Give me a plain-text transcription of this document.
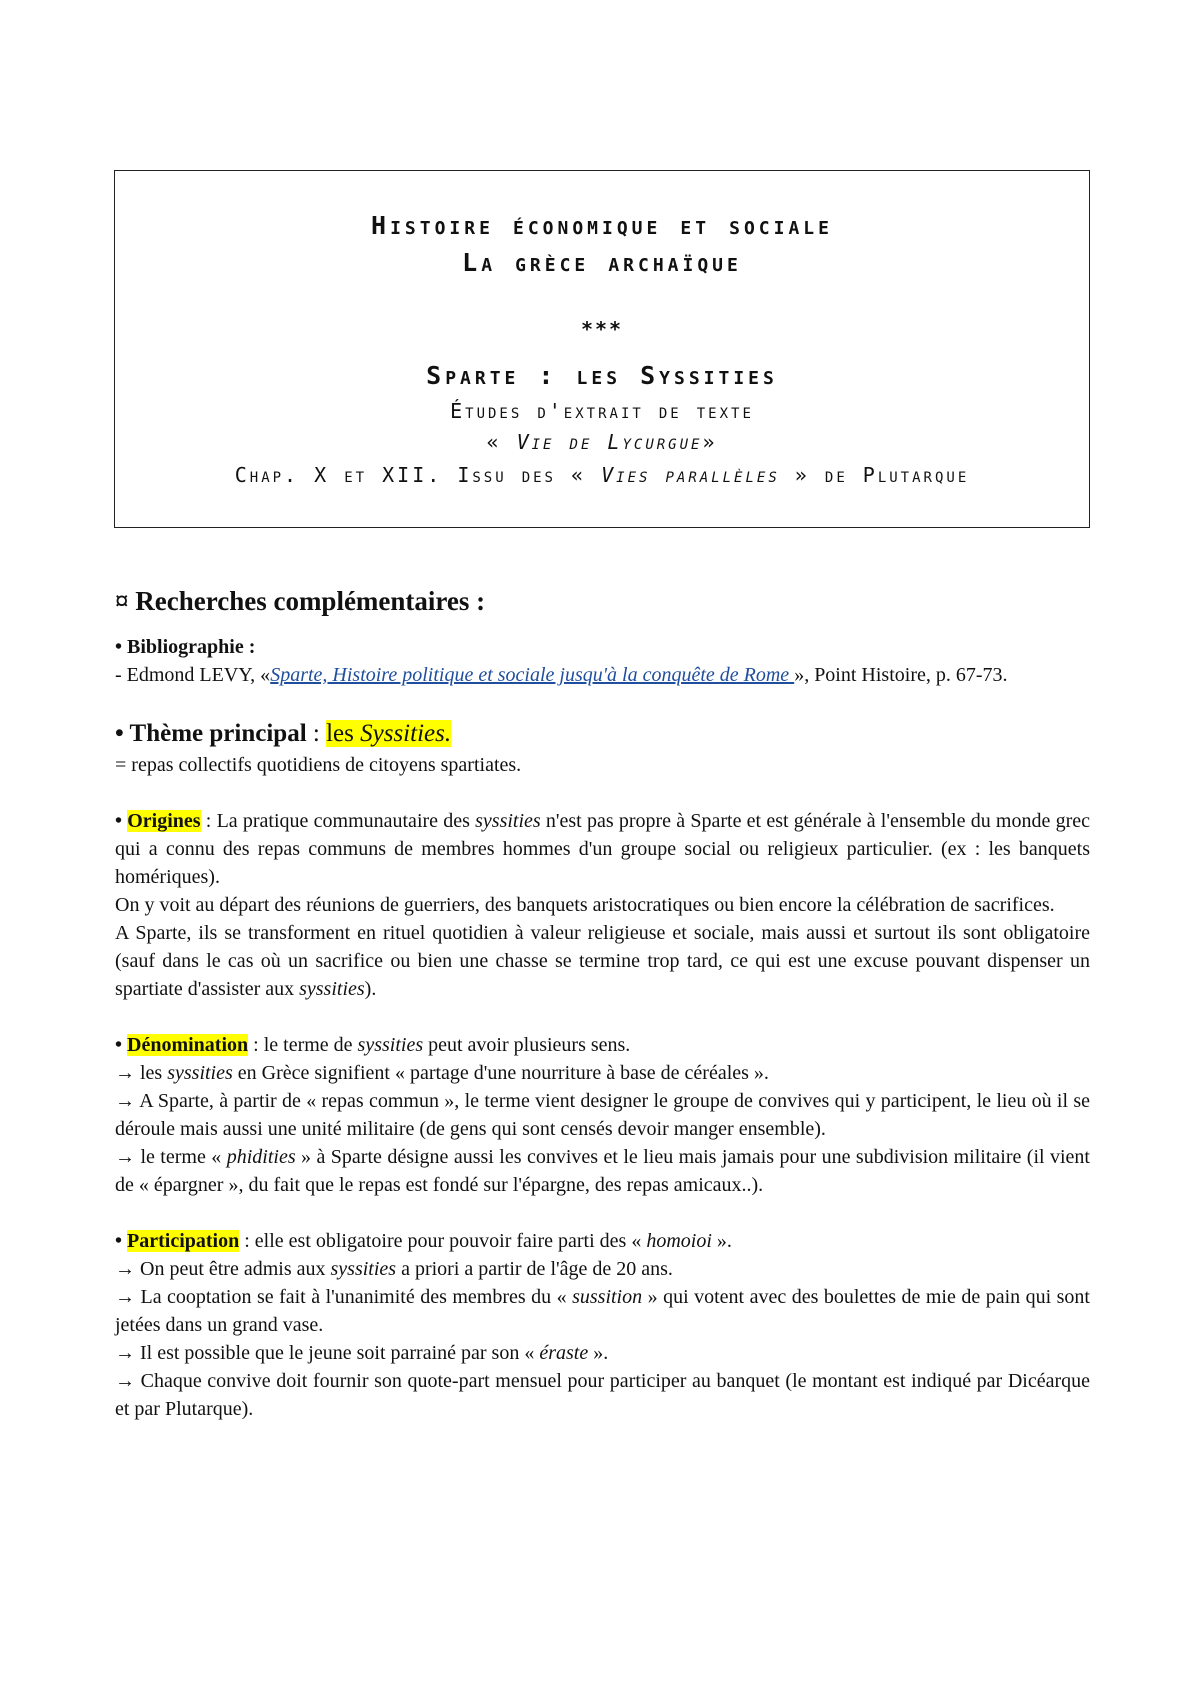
Histoire économique et sociale
La grèce archaïque
***
Sparte : les Syssities
Études d'extrait de texte
« Vie de Lycurgue»
Chap. X et XII. Issu des « Vies parallèles » de Plutarque

¤ Recherches complémentaires :

• Bibliographie :

- Edmond LEVY, «Sparte, Histoire politique et sociale jusqu'à la conquête de Rome », Point Histoire, p. 67-73.

• Thème principal : les Syssities.

= repas collectifs quotidiens de citoyens spartiates.

• Origines : La pratique communautaire des syssities n'est pas propre à Sparte et est générale à l'ensemble du monde grec qui a connu des repas communs de membres hommes d'un groupe social ou religieux particulier. (ex : les banquets homériques).

On y voit au départ des réunions de guerriers, des banquets aristocratiques ou bien encore la célébration de sacrifices.

A Sparte, ils se transforment en rituel quotidien à valeur religieuse et sociale, mais aussi et surtout ils sont obligatoire (sauf dans le cas où un sacrifice ou bien une chasse se termine trop tard, ce qui est une excuse pouvant dispenser un spartiate d'assister aux syssities).

• Dénomination : le terme de syssities peut avoir plusieurs sens.

→ les syssities en Grèce signifient « partage d'une nourriture à base de céréales ».

→ A Sparte, à partir de « repas commun », le terme vient designer le groupe de convives qui y participent, le lieu où il se déroule mais aussi une unité militaire (de gens qui sont censés devoir manger ensemble).

→ le terme « phidities » à Sparte désigne aussi les convives et le lieu mais jamais pour une subdivision militaire (il vient de « épargner », du fait que le repas est fondé sur l'épargne, des repas amicaux..).

• Participation : elle est obligatoire pour pouvoir faire parti des « homoioi ».

→ On peut être admis aux syssities a priori a partir de l'âge de 20 ans.

→ La cooptation se fait à l'unanimité des membres du « sussition » qui votent avec des boulettes de mie de pain qui sont jetées dans un grand vase.

→ Il est possible que le jeune soit parrainé par son « éraste ».

→ Chaque convive doit fournir son quote-part mensuel pour participer au banquet (le montant est indiqué par Dicéarque et par Plutarque).
